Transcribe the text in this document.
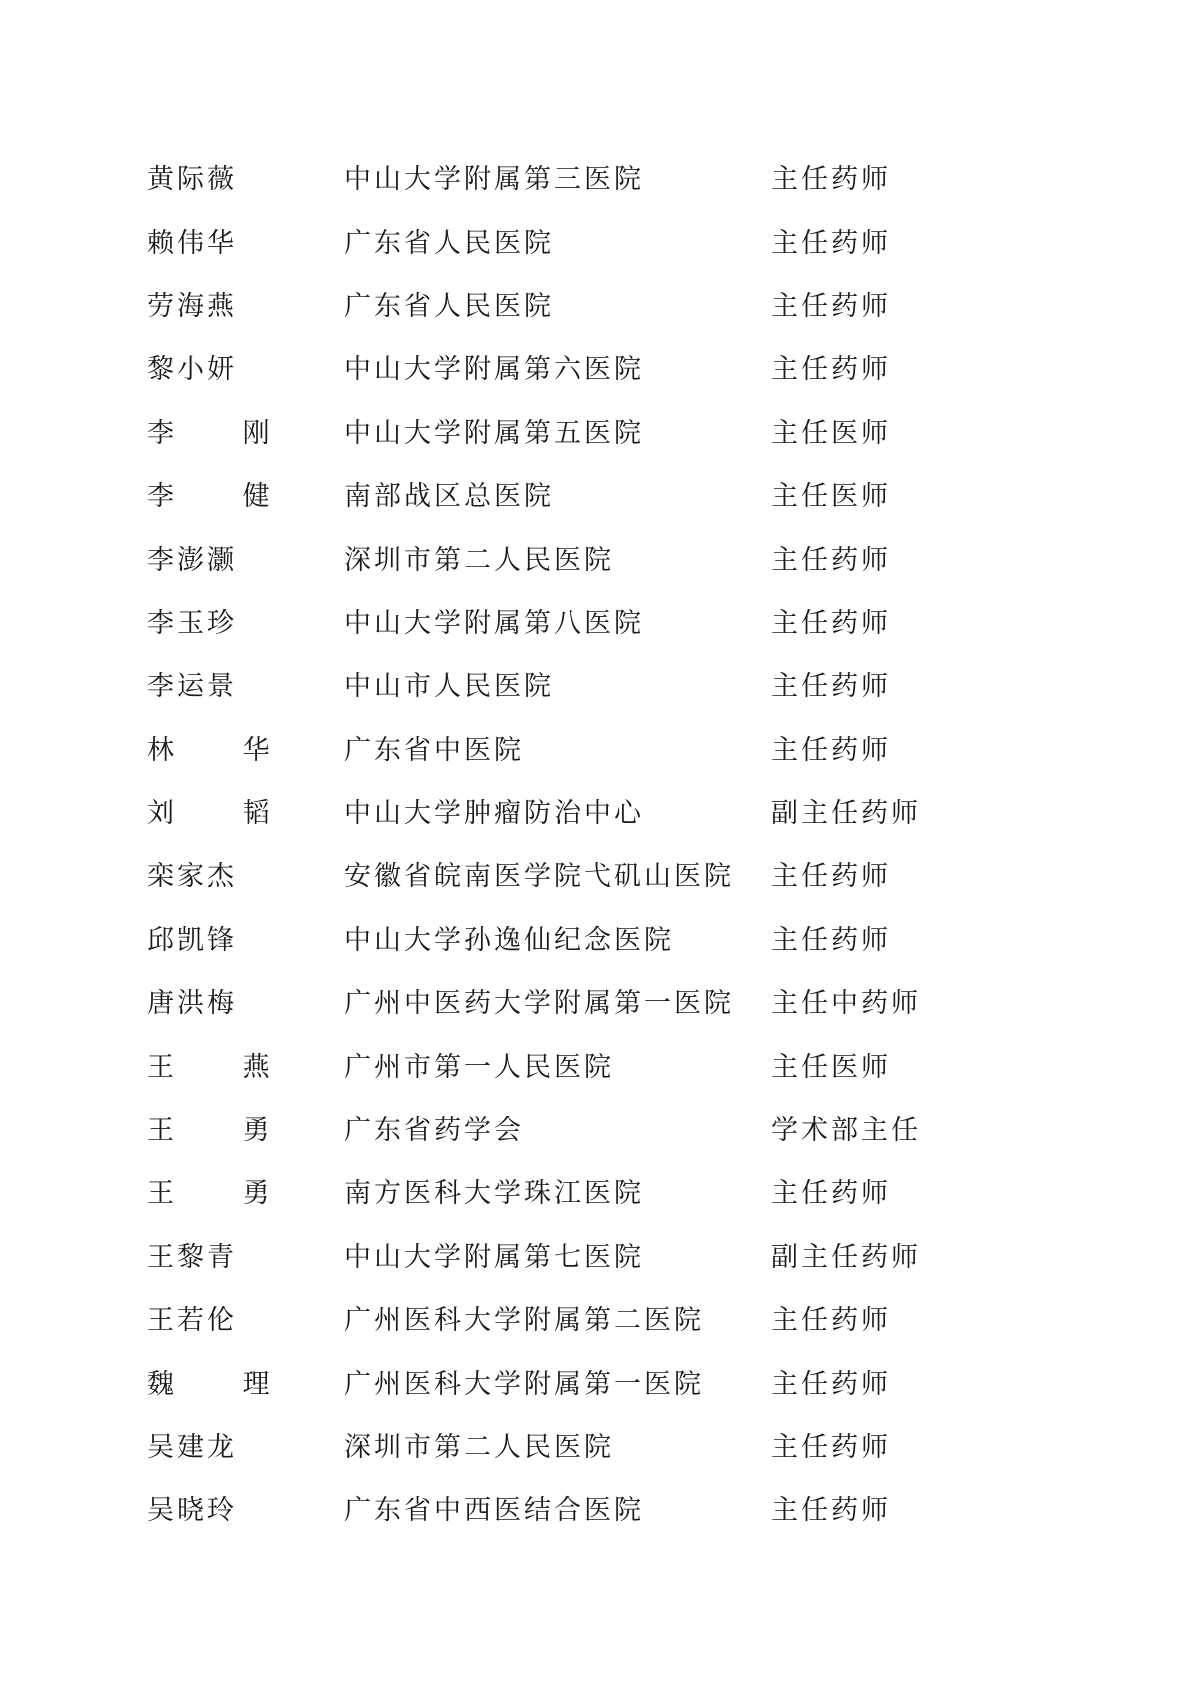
黄际薇	中山大学附属第三医院	主任药师
赖伟华	广东省人民医院	主任药师
劳海燕	广东省人民医院	主任药师
黎小妍	中山大学附属第六医院	主任药师
李 刚	中山大学附属第五医院	主任医师
李 健	南部战区总医院	主任医师
李澎灏	深圳市第二人民医院	主任药师
李玉珍	中山大学附属第八医院	主任药师
李运景	中山市人民医院	主任药师
林 华	广东省中医院	主任药师
刘 韬	中山大学肿瘤防治中心	副主任药师
栾家杰	安徽省皖南医学院弋矶山医院	主任药师
邱凯锋	中山大学孙逸仙纪念医院	主任药师
唐洪梅	广州中医药大学附属第一医院	主任中药师
王 燕	广州市第一人民医院	主任医师
王 勇	广东省药学会	学术部主任
王 勇	南方医科大学珠江医院	主任药师
王黎青	中山大学附属第七医院	副主任药师
王若伦	广州医科大学附属第二医院	主任药师
魏 理	广州医科大学附属第一医院	主任药师
吴建龙	深圳市第二人民医院	主任药师
吴晓玲	广东省中西医结合医院	主任药师
